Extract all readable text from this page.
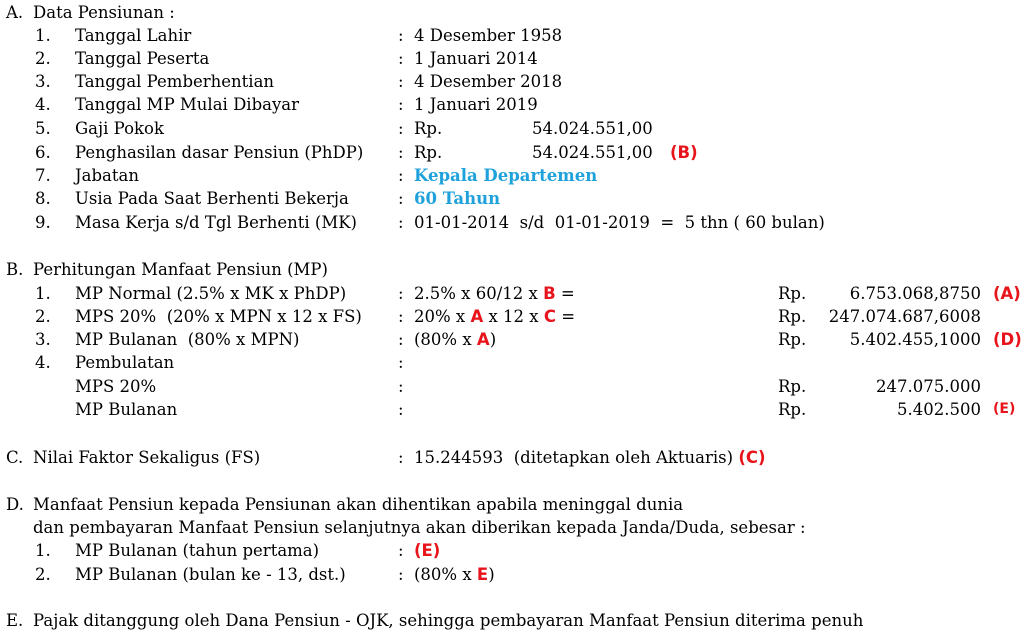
A. Data Pensiunan :
1. Tanggal Lahir	: 4 Desember 1958
2. Tanggal Peserta	: 1 Januari 2014
3. Tanggal Pemberhentian	: 4 Desember 2018
4. Tanggal MP Mulai Dibayar	: 1 Januari 2019
5. Gaji Pokok	: Rp.	54.024.551,00
6. Penghasilan dasar Pensiun (PhDP) : Rp.	54.024.551,00 (B)
7. Jabatan	: Kepala Departemen
8. Usia Pada Saat Berhenti Bekerja	: 60 Tahun
9. Masa Kerja s/d Tgl Berhenti (MK) : 01-01-2014  s/d  01-01-2019  =  5 thn ( 60 bulan)
B. Perhitungan Manfaat Pensiun (MP)
1. MP Normal (2.5% x MK x PhDP)	: 2.5% x 60/12 x B =	Rp.	6.753.068,8750 (A)
2. MPS 20%  (20% x MPN x 12 x FS) : 20% x A x 12 x C =	Rp. 247.074.687,6008
3. MP Bulanan  (80% x MPN)	: (80% x A)	Rp.	5.402.455,1000 (D)
4. Pembulatan	:
MPS 20%	:	Rp.	247.075.000
MP Bulanan	:	Rp.	5.402.500 (E)
C. Nilai Faktor Sekaligus (FS)	: 15.244593  (ditetapkan oleh Aktuaris) (C)
D. Manfaat Pensiun kepada Pensiunan akan dihentikan apabila meninggal dunia
dan pembayaran Manfaat Pensiun selanjutnya akan diberikan kepada Janda/Duda, sebesar :
1. MP Bulanan (tahun pertama)	: (E)
2. MP Bulanan (bulan ke - 13, dst.)	: (80% x E)
E. Pajak ditanggung oleh Dana Pensiun - OJK, sehingga pembayaran Manfaat Pensiun diterima penuh
